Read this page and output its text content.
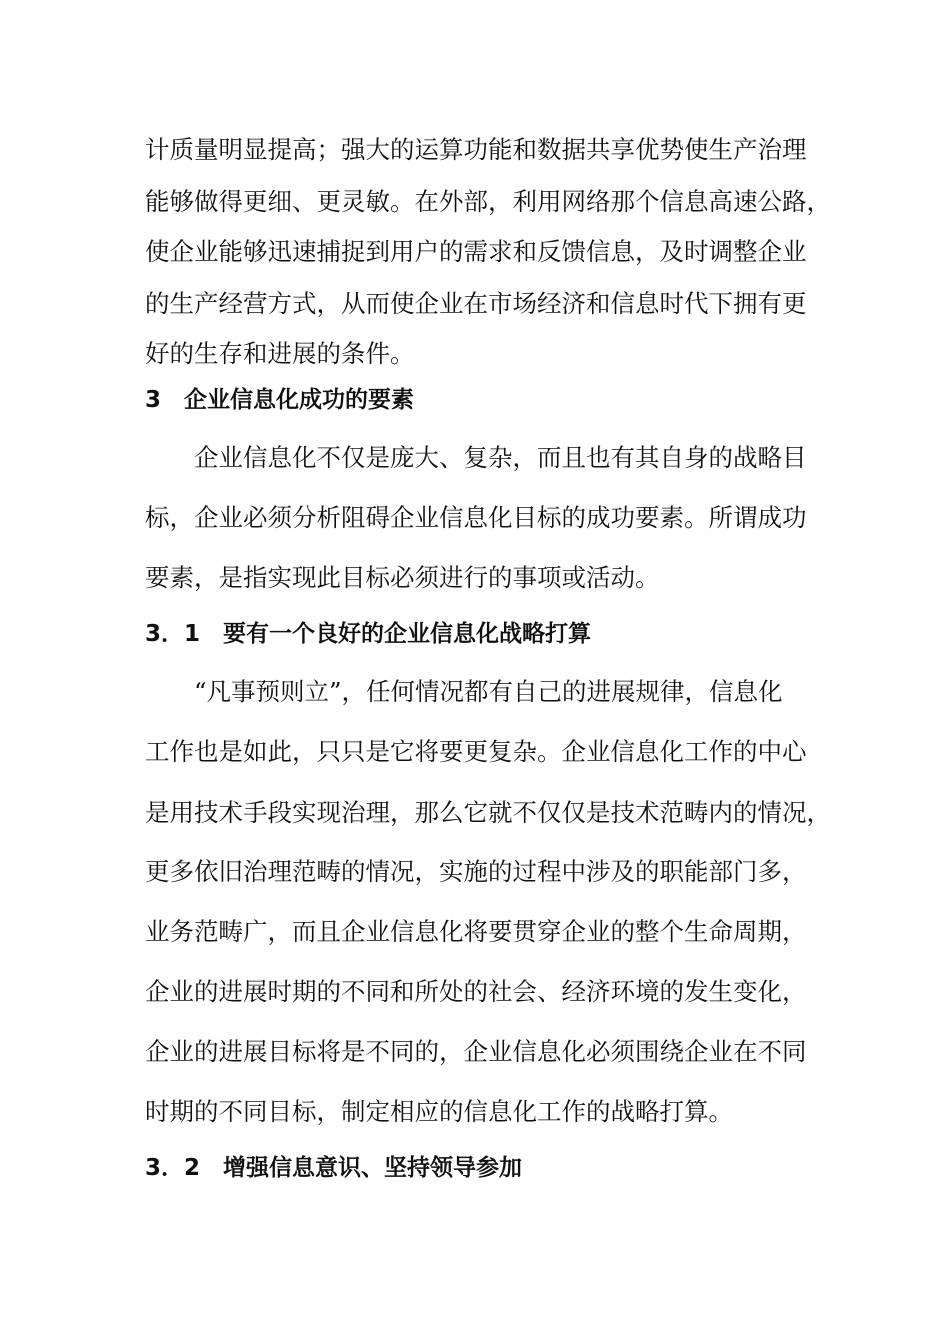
计质量明显提高；强大的运算功能和数据共享优势使生产治理
能够做得更细、更灵敏。在外部，利用网络那个信息高速公路，
使企业能够迅速捕捉到用户的需求和反馈信息，及时调整企业
的生产经营方式，从而使企业在市场经济和信息时代下拥有更
好的生存和进展的条件。
3　企业信息化成功的要素
企业信息化不仅是庞大、复杂，而且也有其自身的战略目
标，企业必须分析阻碍企业信息化目标的成功要素。所谓成功
要素，是指实现此目标必须进行的事项或活动。
3．1　要有一个良好的企业信息化战略打算
“凡事预则立”，任何情况都有自己的进展规律，信息化
工作也是如此，只只是它将要更复杂。企业信息化工作的中心
是用技术手段实现治理，那么它就不仅仅是技术范畴内的情况，
更多依旧治理范畴的情况，实施的过程中涉及的职能部门多，
业务范畴广，而且企业信息化将要贯穿企业的整个生命周期，
企业的进展时期的不同和所处的社会、经济环境的发生变化，
企业的进展目标将是不同的，企业信息化必须围绕企业在不同
时期的不同目标，制定相应的信息化工作的战略打算。
3．2　增强信息意识、坚持领导参加
